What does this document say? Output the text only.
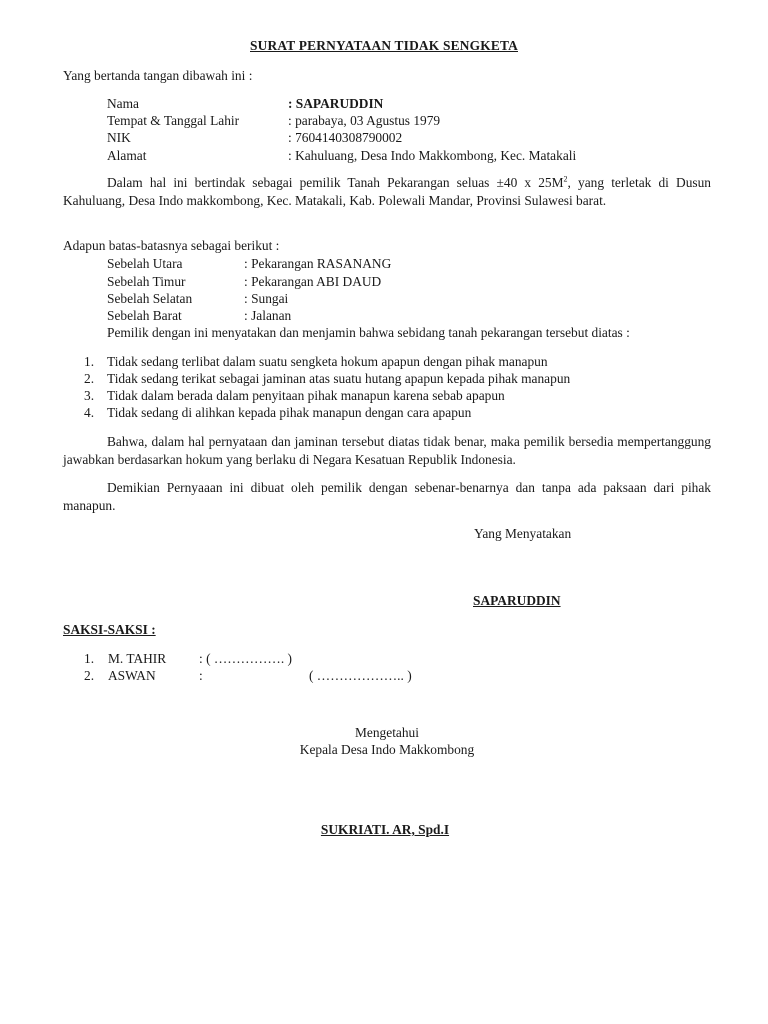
SURAT PERNYATAAN TIDAK SENGKETA
Yang bertanda tangan dibawah ini :
Nama	: SAPARUDDIN
Tempat & Tanggal Lahir	: parabaya, 03 Agustus 1979
NIK	: 7604140308790002
Alamat	: Kahuluang, Desa Indo Makkombong, Kec. Matakali
Dalam hal ini bertindak sebagai pemilik Tanah Pekarangan seluas ±40 x $25M^2$, yang terletak di Dusun Kahuluang, Desa Indo makkombong, Kec. Matakali, Kab. Polewali Mandar, Provinsi Sulawesi barat.
Adapun batas-batasnya sebagai berikut :
Sebelah Utara	: Pekarangan RASANANG
Sebelah Timur	: Pekarangan ABI DAUD
Sebelah Selatan	: Sungai
Sebelah Barat	: Jalanan
Pemilik dengan ini menyatakan dan menjamin bahwa sebidang tanah pekarangan tersebut diatas :
1. Tidak sedang terlibat dalam suatu sengketa hokum apapun dengan pihak manapun
2. Tidak sedang terikat sebagai jaminan atas suatu hutang apapun kepada pihak manapun
3. Tidak dalam berada dalam penyitaan pihak manapun karena sebab apapun
4. Tidak sedang di alihkan kepada pihak manapun dengan cara apapun
Bahwa, dalam hal pernyataan dan jaminan tersebut diatas tidak benar, maka pemilik bersedia mempertanggung jawabkan berdasarkan hokum yang berlaku di Negara Kesatuan Republik Indonesia.
Demikian Pernyaaan ini dibuat oleh pemilik dengan sebenar-benarnya dan tanpa ada paksaan dari pihak manapun.
Yang Menyatakan
SAPARUDDIN
SAKSI-SAKSI :
1. M. TAHIR : ( ……………. )
2. ASWAN	:	( ……………….. )
Mengetahui
Kepala Desa Indo Makkombong
SUKRIATI. AR, Spd.I
